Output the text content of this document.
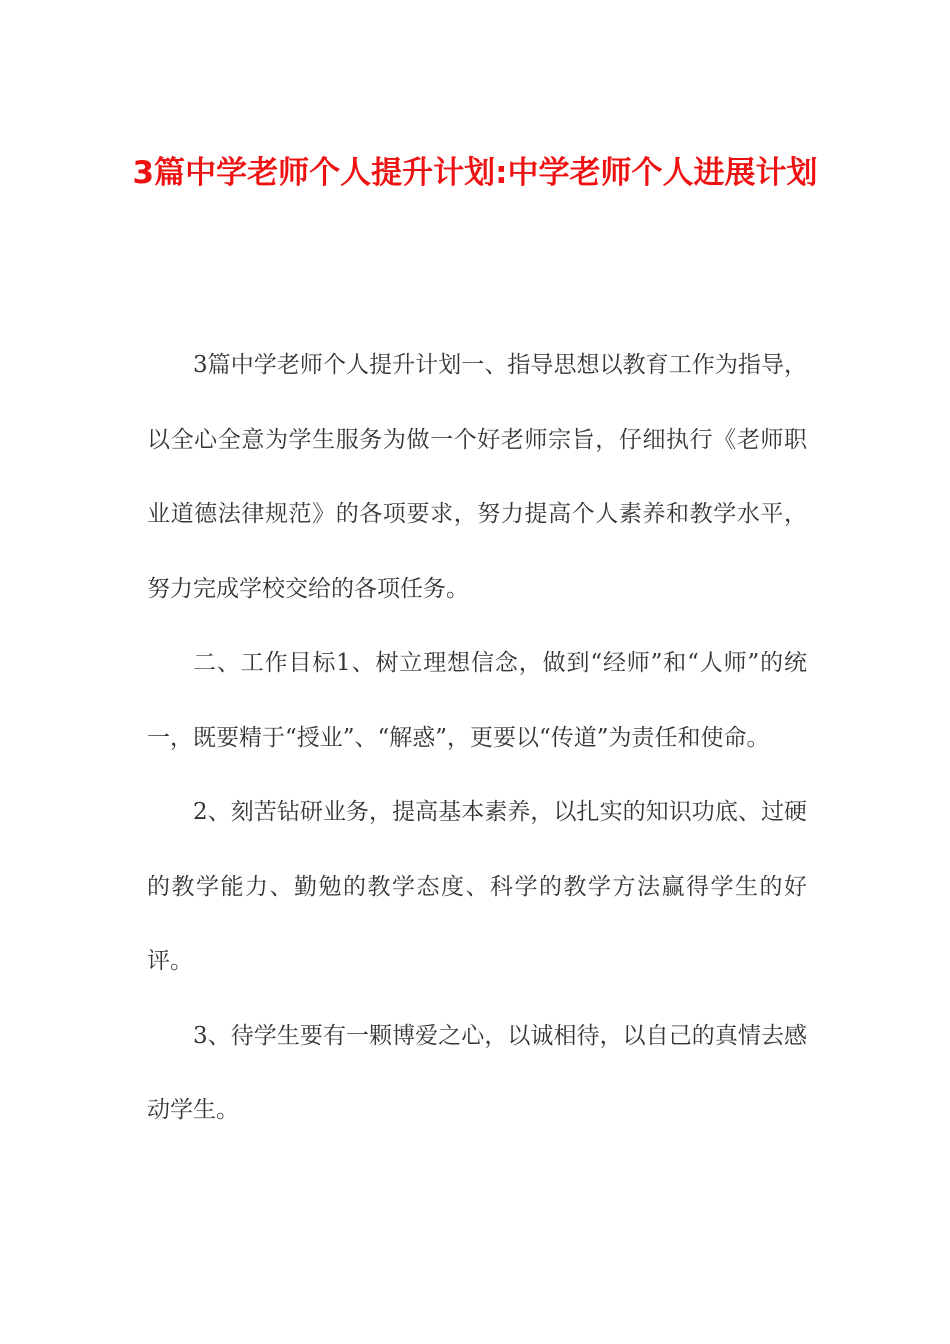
3篇中学老师个人提升计划:中学老师个人进展计划

3篇中学老师个人提升计划一、指导思想以教育工作为指导，以全心全意为学生服务为做一个好老师宗旨，仔细执行《老师职业道德法律规范》的各项要求，努力提高个人素养和教学水平，努力完成学校交给的各项任务。

二、工作目标1、树立理想信念，做到“经师”和“人师”的统一，既要精于“授业”、“解惑”，更要以“传道”为责任和使命。

2、刻苦钻研业务，提高基本素养，以扎实的知识功底、过硬的教学能力、勤勉的教学态度、科学的教学方法赢得学生的好评。

3、待学生要有一颗博爱之心，以诚相待，以自己的真情去感动学生。
